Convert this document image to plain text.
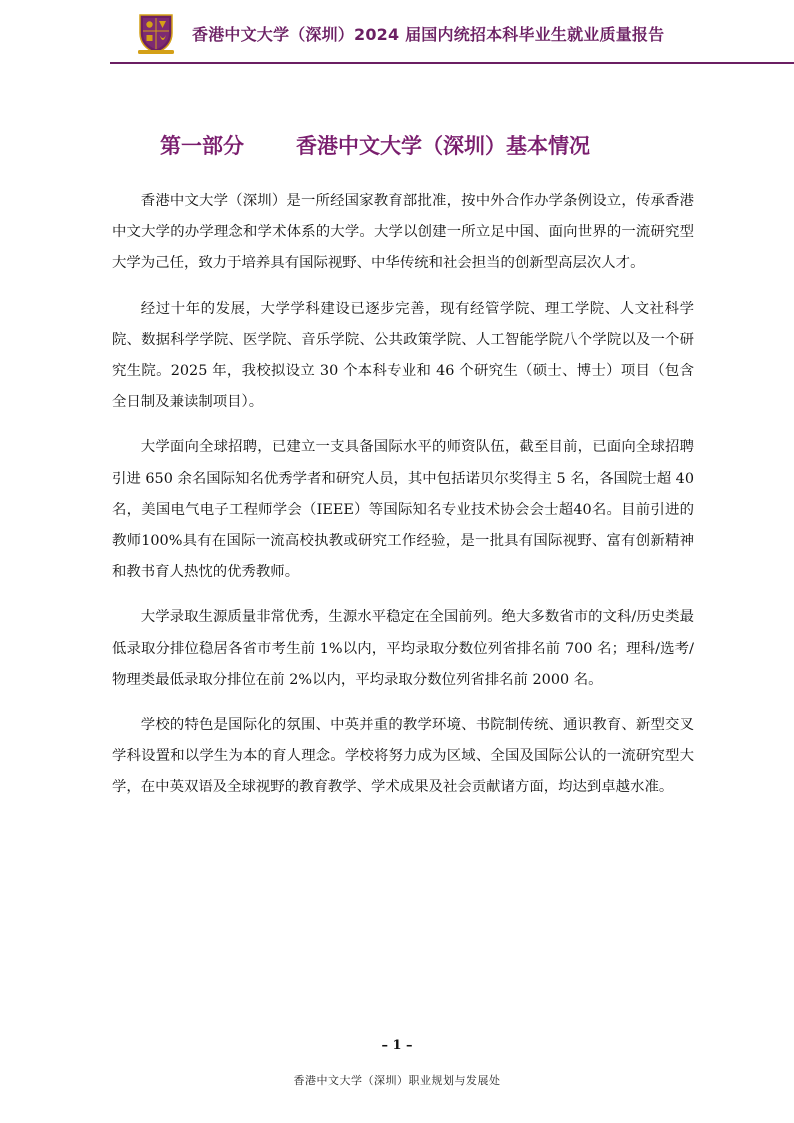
香港中文大学（深圳）2024 届国内统招本科毕业生就业质量报告
第一部分 香港中文大学（深圳）基本情况

香港中文大学（深圳）是一所经国家教育部批准，按中外合作办学条例设立，传承香港中文大学的办学理念和学术体系的大学。大学以创建一所立足中国、面向世界的一流研究型大学为己任，致力于培养具有国际视野、中华传统和社会担当的创新型高层次人才。

经过十年的发展，大学学科建设已逐步完善，现有经管学院、理工学院、人文社科学院、数据科学学院、医学院、音乐学院、公共政策学院、人工智能学院八个学院以及一个研究生院。2025 年，我校拟设立 30 个本科专业和 46 个研究生（硕士、博士）项目（包含全日制及兼读制项目）。

大学面向全球招聘，已建立一支具备国际水平的师资队伍，截至目前，已面向全球招聘引进 650 余名国际知名优秀学者和研究人员，其中包括诺贝尔奖得主 5 名，各国院士超 40 名，美国电气电子工程师学会（IEEE）等国际知名专业技术协会会士超40名。目前引进的教师100%具有在国际一流高校执教或研究工作经验，是一批具有国际视野、富有创新精神和教书育人热忱的优秀教师。

大学录取生源质量非常优秀，生源水平稳定在全国前列。绝大多数省市的文科/历史类最低录取分排位稳居各省市考生前 1%以内，平均录取分数位列省排名前 700 名；理科/选考/物理类最低录取分排位在前 2%以内，平均录取分数位列省排名前 2000 名。

学校的特色是国际化的氛围、中英并重的教学环境、书院制传统、通识教育、新型交叉学科设置和以学生为本的育人理念。学校将努力成为区域、全国及国际公认的一流研究型大学，在中英双语及全球视野的教育教学、学术成果及社会贡献诸方面，均达到卓越水准。

– 1 –
香港中文大学（深圳）职业规划与发展处
